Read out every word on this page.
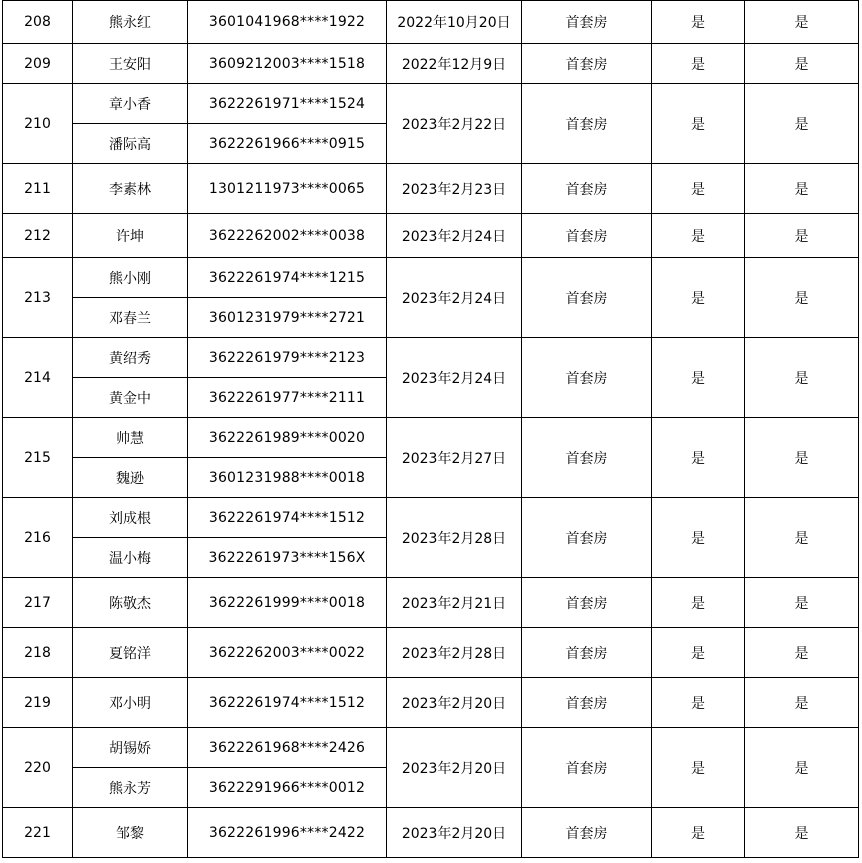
208	熊永红	3601041968****1922	2022年10月20日	首套房	是	是
209	王安阳	3609212003****1518	2022年12月9日	首套房	是	是
210	章小香	3622261971****1524	2023年2月22日	首套房	是	是
	潘际高	3622261966****0915				
211	李素林	1301211973****0065	2023年2月23日	首套房	是	是
212	许坤	3622262002****0038	2023年2月24日	首套房	是	是
213	熊小刚	3622261974****1215	2023年2月24日	首套房	是	是
	邓春兰	3601231979****2721				
214	黄绍秀	3622261979****2123	2023年2月24日	首套房	是	是
	黄金中	3622261977****2111				
215	帅慧	3622261989****0020	2023年2月27日	首套房	是	是
	魏逊	3601231988****0018				
216	刘成根	3622261974****1512	2023年2月28日	首套房	是	是
	温小梅	3622261973****156X				
217	陈敬杰	3622261999****0018	2023年2月21日	首套房	是	是
218	夏铭洋	3622262003****0022	2023年2月28日	首套房	是	是
219	邓小明	3622261974****1512	2023年2月20日	首套房	是	是
220	胡锡娇	3622261968****2426	2023年2月20日	首套房	是	是
	熊永芳	3622291966****0012				
221	邹黎	3622261996****2422	2023年2月20日	首套房	是	是
